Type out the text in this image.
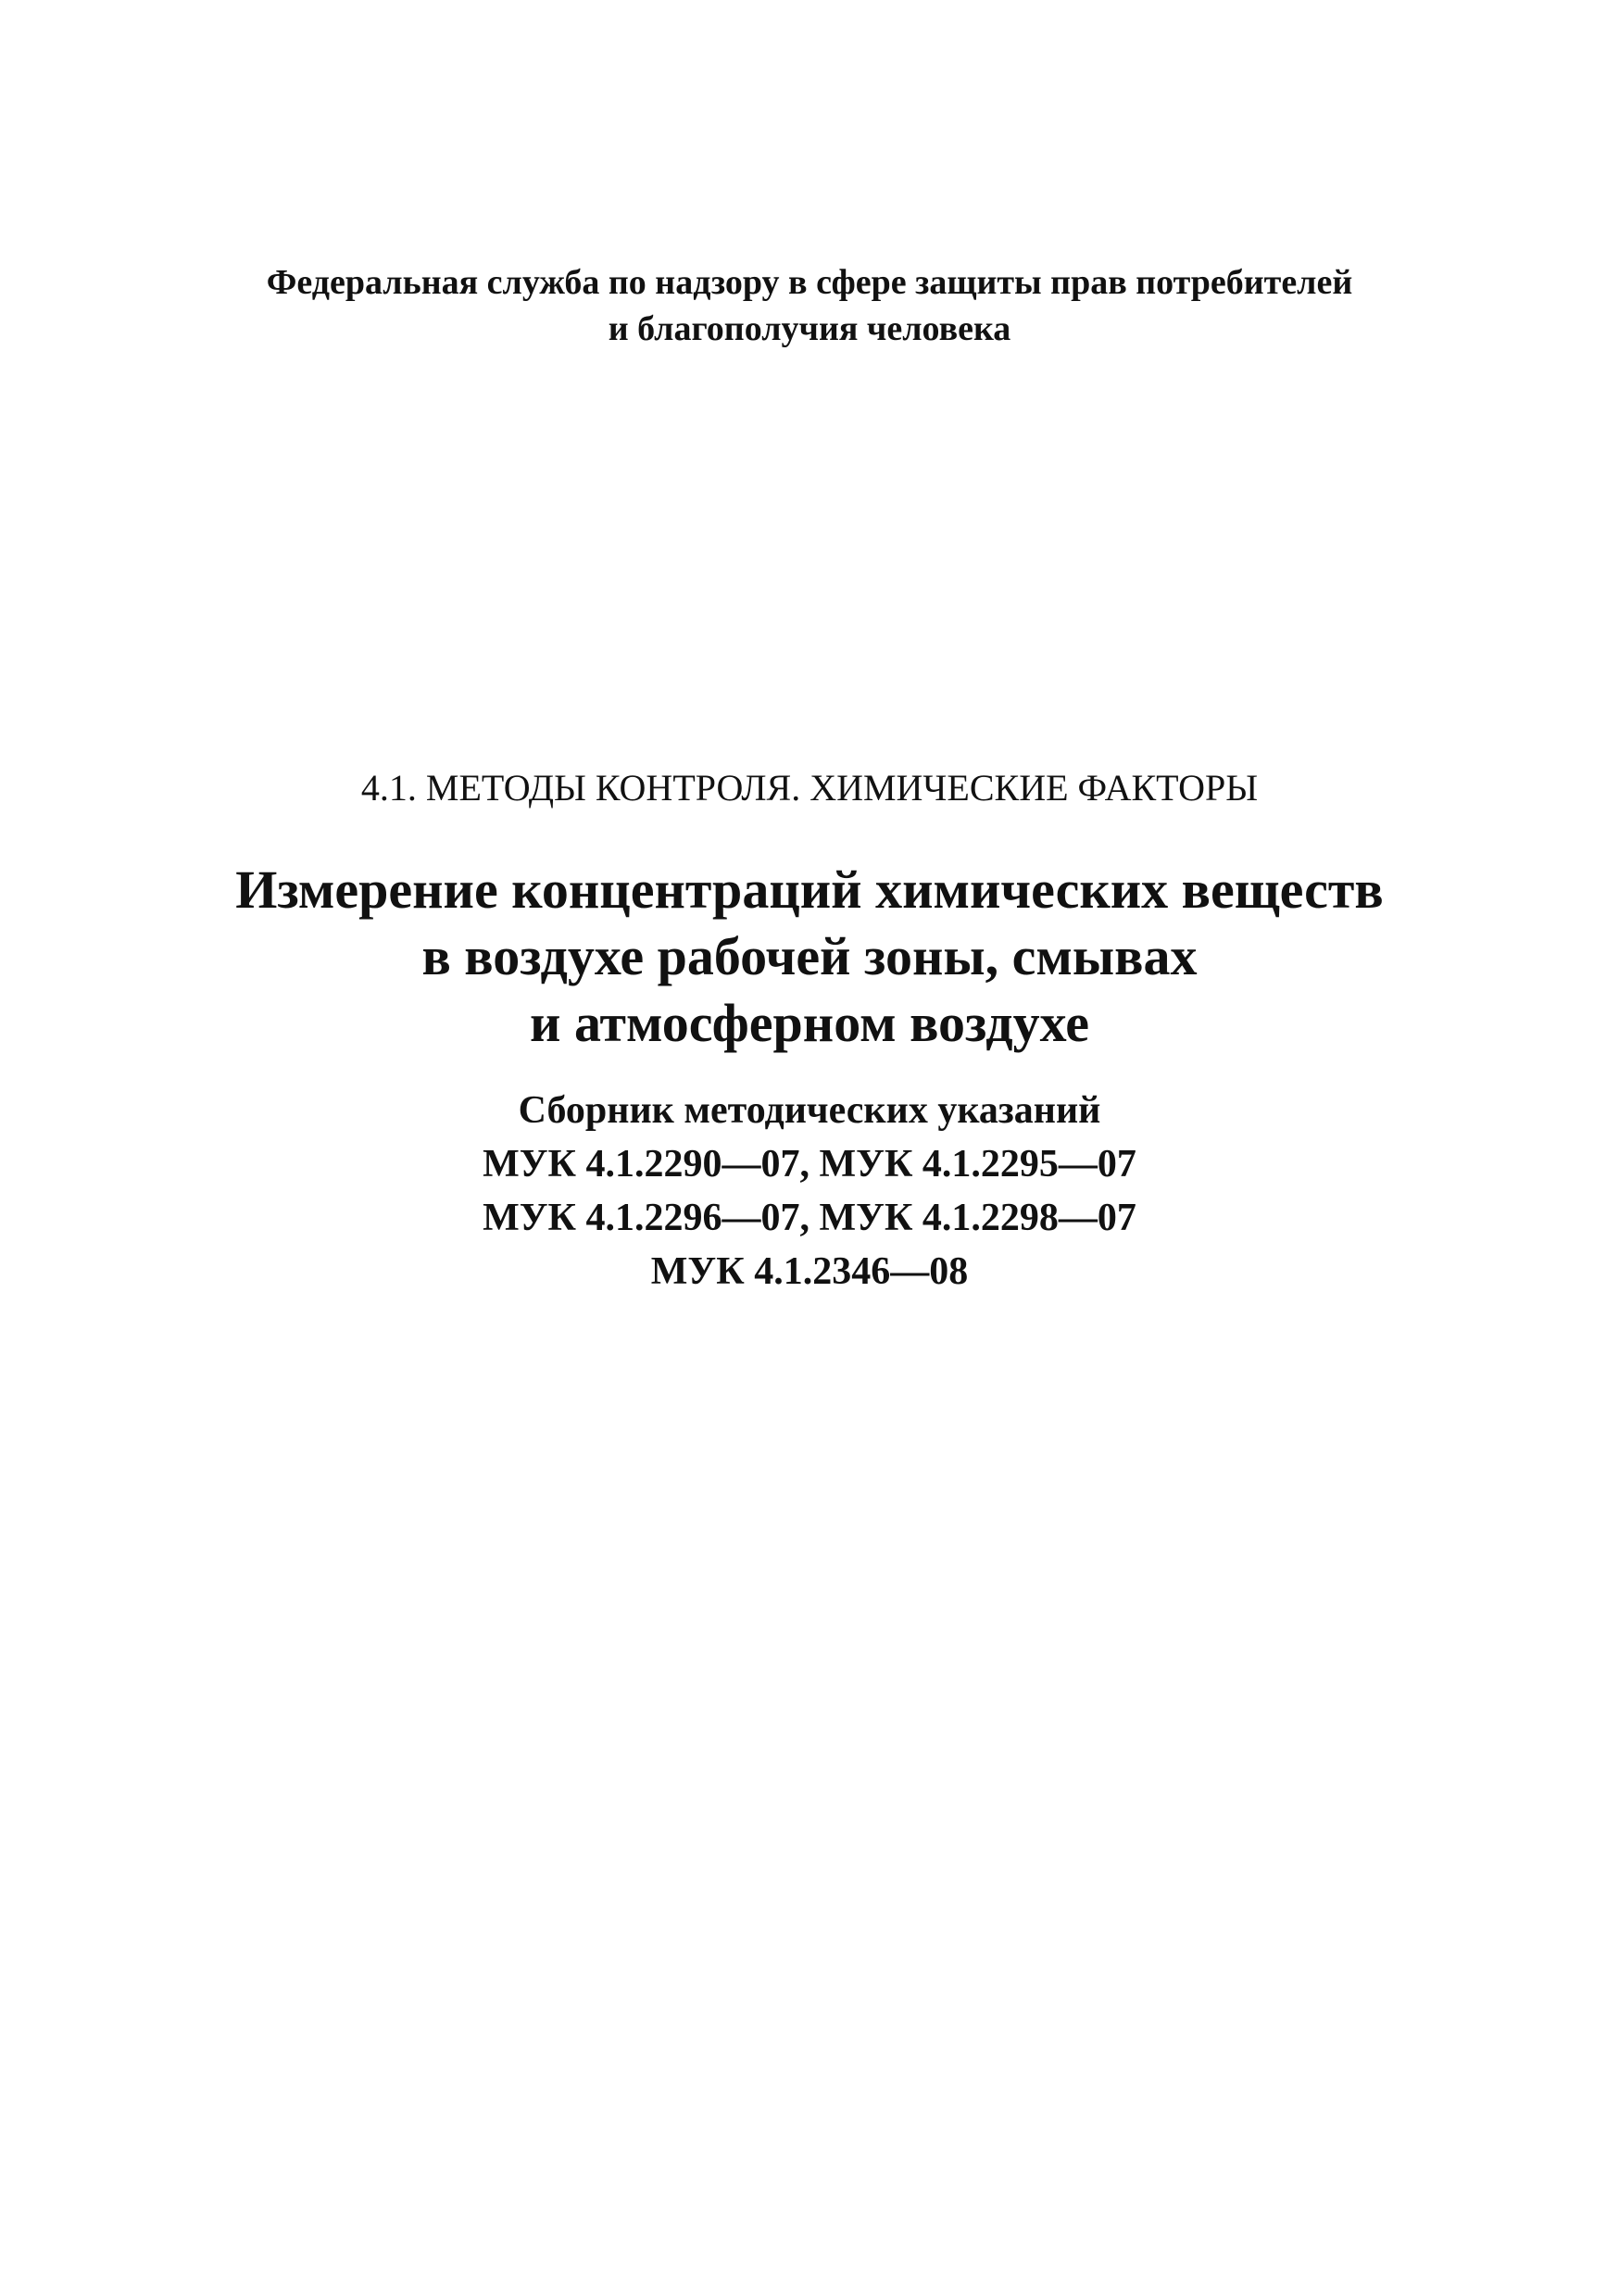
Федеральная служба по надзору в сфере защиты прав потребителей
и благополучия человека
4.1. МЕТОДЫ КОНТРОЛЯ. ХИМИЧЕСКИЕ ФАКТОРЫ
Измерение концентраций химических веществ
в воздухе рабочей зоны, смывах
и атмосферном воздухе
Сборник методических указаний
МУК 4.1.2290—07, МУК 4.1.2295—07
МУК 4.1.2296—07, МУК 4.1.2298—07
МУК 4.1.2346—08
